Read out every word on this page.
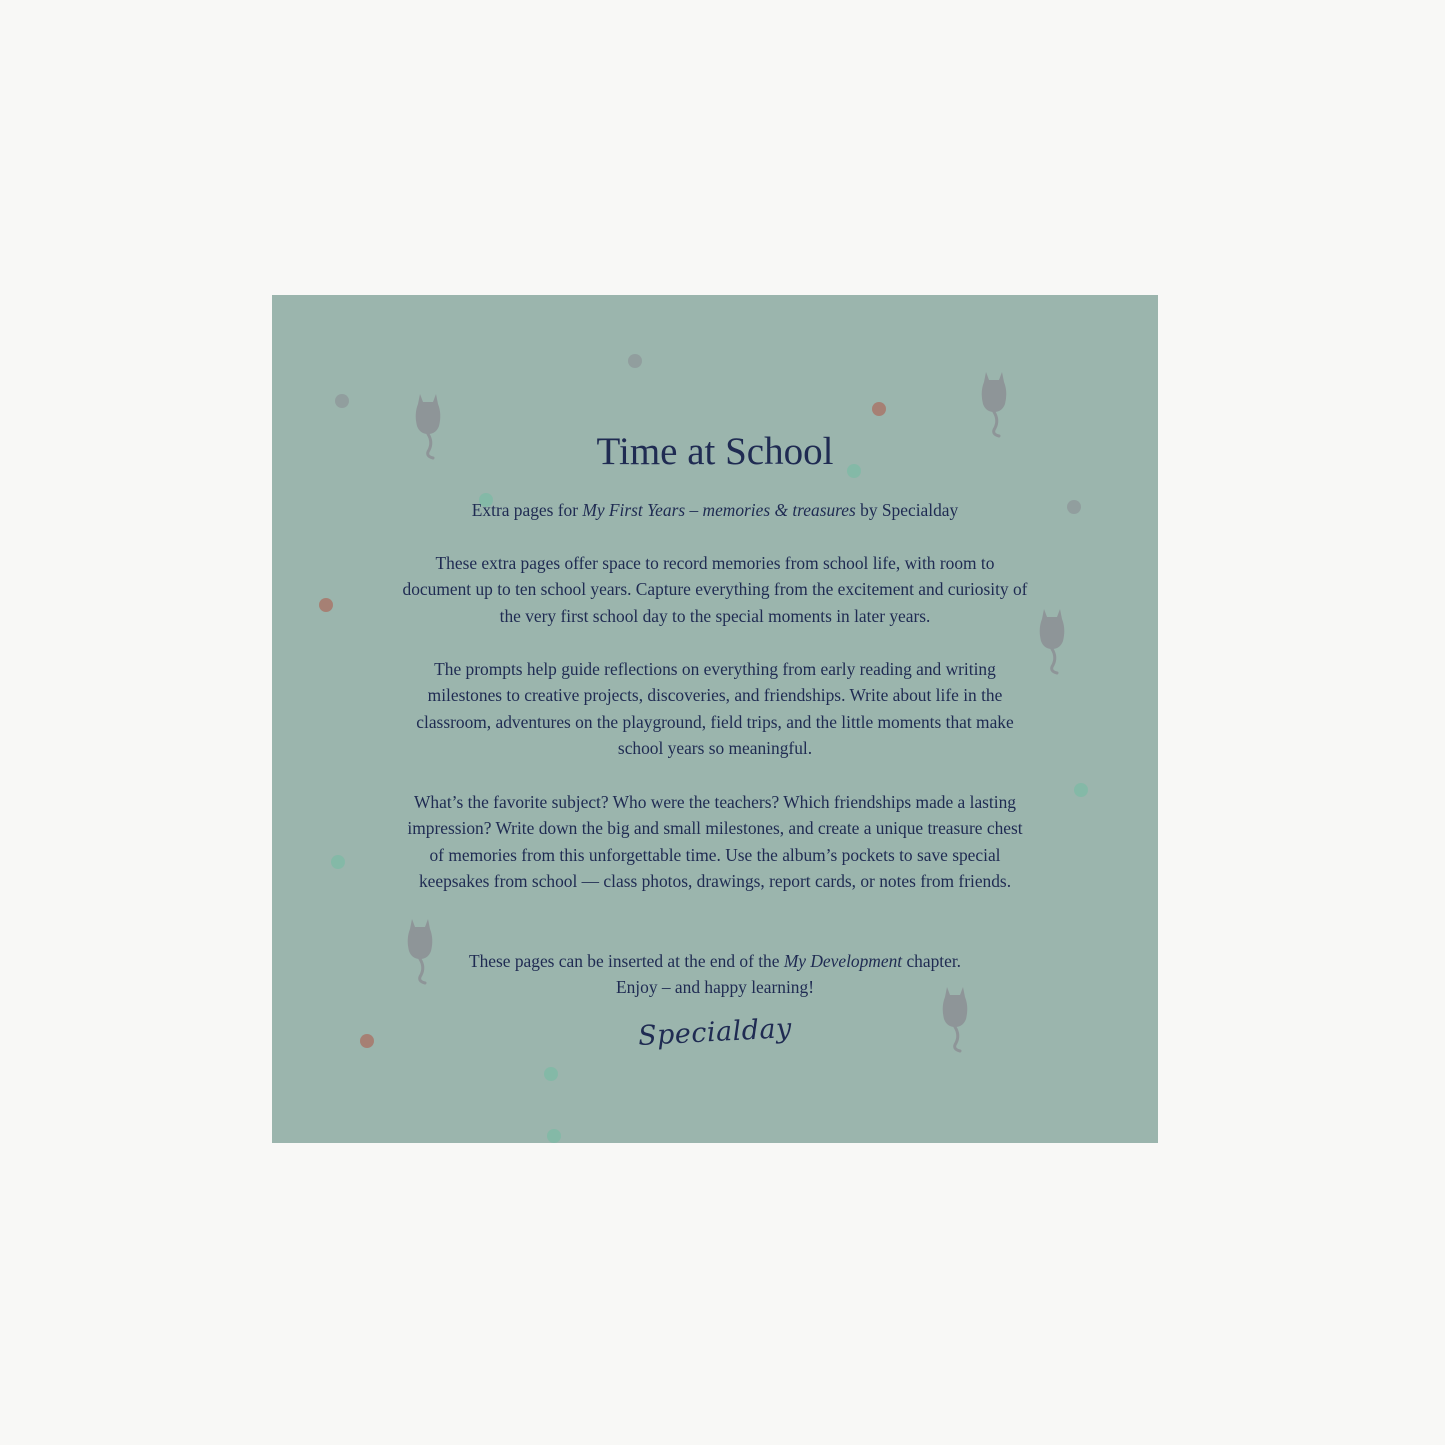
Time at School

Extra pages for My First Years – memories & treasures by Specialday

These extra pages offer space to record memories from school life, with room to document up to ten school years. Capture everything from the excitement and curiosity of the very first school day to the special moments in later years.

The prompts help guide reflections on everything from early reading and writing milestones to creative projects, discoveries, and friendships. Write about life in the classroom, adventures on the playground, field trips, and the little moments that make school years so meaningful.

What’s the favorite subject? Who were the teachers? Which friendships made a lasting impression? Write down the big and small milestones, and create a unique treasure chest of memories from this unforgettable time. Use the album’s pockets to save special keepsakes from school — class photos, drawings, report cards, or notes from friends.

These pages can be inserted at the end of the My Development chapter.
Enjoy – and happy learning!

Specialday
